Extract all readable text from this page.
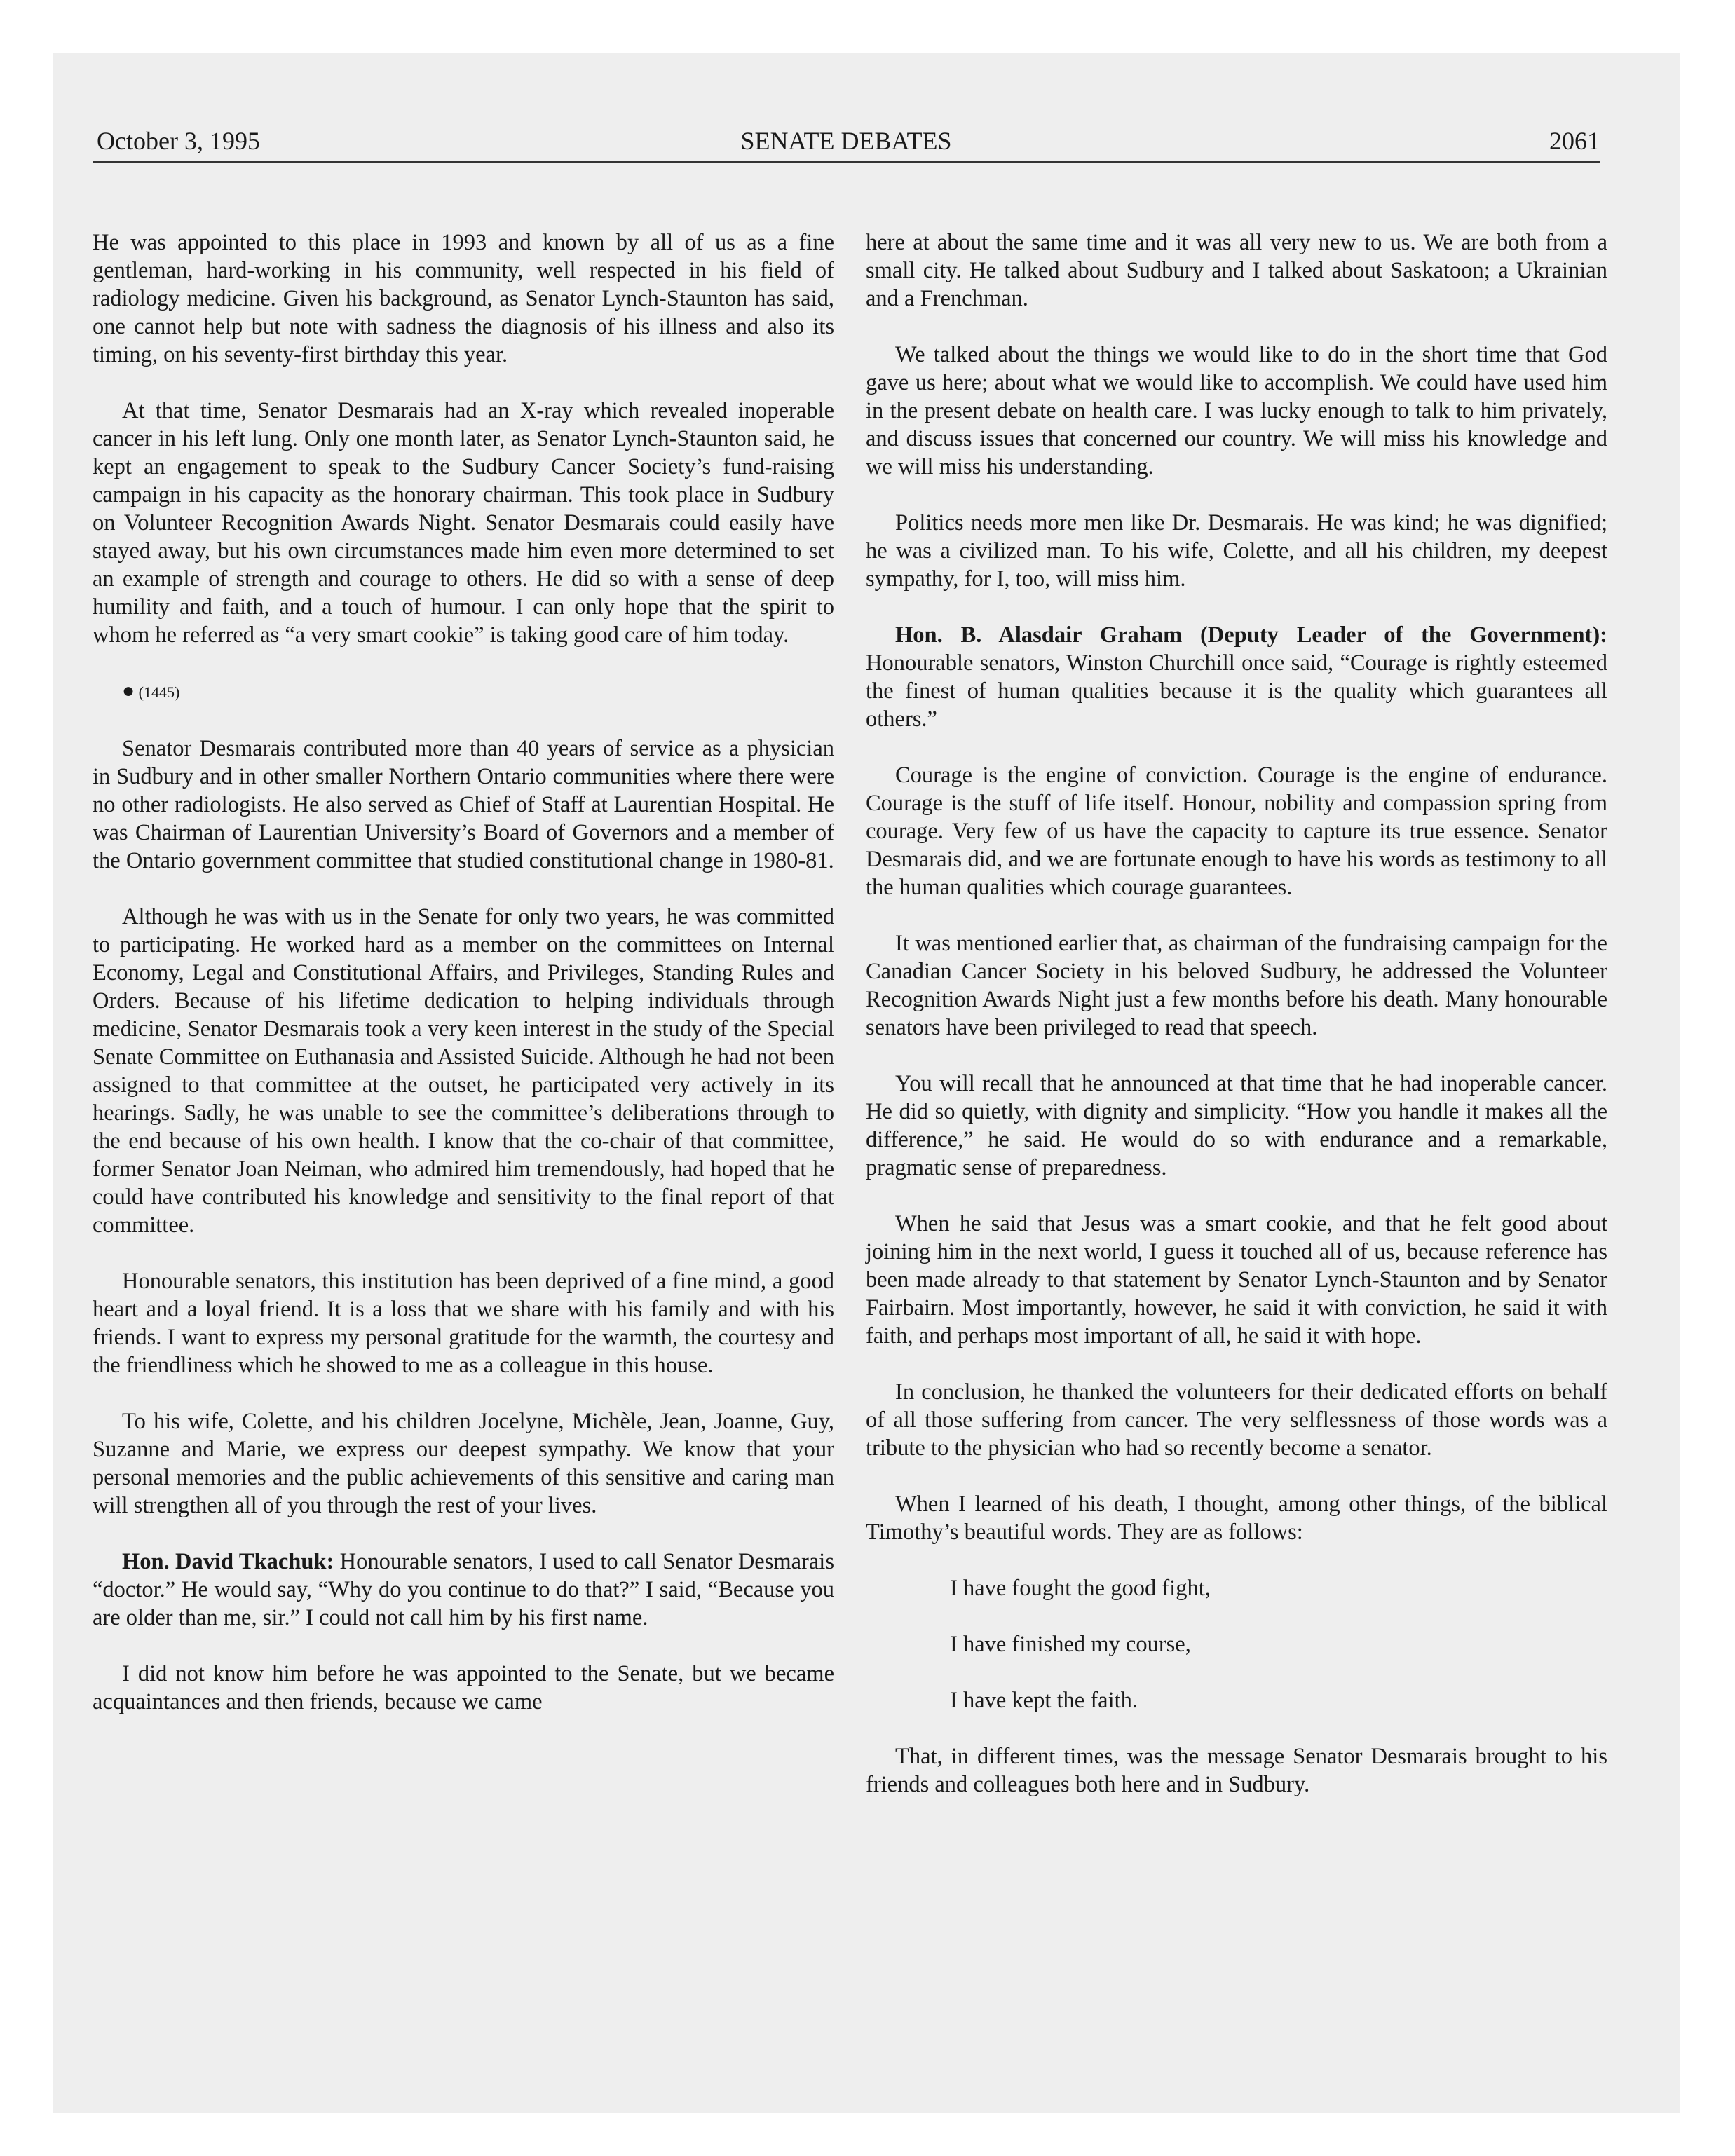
October 3, 1995	SENATE DEBATES	2061

He was appointed to this place in 1993 and known by all of us as a fine gentleman, hard-working in his community, well respected in his field of radiology medicine. Given his background, as Senator Lynch-Staunton has said, one cannot help but note with sadness the diagnosis of his illness and also its timing, on his seventy-first birthday this year.

At that time, Senator Desmarais had an X-ray which revealed inoperable cancer in his left lung. Only one month later, as Senator Lynch-Staunton said, he kept an engagement to speak to the Sudbury Cancer Society’s fund-raising campaign in his capacity as the honorary chairman. This took place in Sudbury on Volunteer Recognition Awards Night. Senator Desmarais could easily have stayed away, but his own circumstances made him even more determined to set an example of strength and courage to others. He did so with a sense of deep humility and faith, and a touch of humour. I can only hope that the spirit to whom he referred as “a very smart cookie” is taking good care of him today.

● (1445)

Senator Desmarais contributed more than 40 years of service as a physician in Sudbury and in other smaller Northern Ontario communities where there were no other radiologists. He also served as Chief of Staff at Laurentian Hospital. He was Chairman of Laurentian University’s Board of Governors and a member of the Ontario government committee that studied constitutional change in 1980-81.

Although he was with us in the Senate for only two years, he was committed to participating. He worked hard as a member on the committees on Internal Economy, Legal and Constitutional Affairs, and Privileges, Standing Rules and Orders. Because of his lifetime dedication to helping individuals through medicine, Senator Desmarais took a very keen interest in the study of the Special Senate Committee on Euthanasia and Assisted Suicide. Although he had not been assigned to that committee at the outset, he participated very actively in its hearings. Sadly, he was unable to see the committee’s deliberations through to the end because of his own health. I know that the co-chair of that committee, former Senator Joan Neiman, who admired him tremendously, had hoped that he could have contributed his knowledge and sensitivity to the final report of that committee.

Honourable senators, this institution has been deprived of a fine mind, a good heart and a loyal friend. It is a loss that we share with his family and with his friends. I want to express my personal gratitude for the warmth, the courtesy and the friendliness which he showed to me as a colleague in this house.

To his wife, Colette, and his children Jocelyne, Michèle, Jean, Joanne, Guy, Suzanne and Marie, we express our deepest sympathy. We know that your personal memories and the public achievements of this sensitive and caring man will strengthen all of you through the rest of your lives.

Hon. David Tkachuk: Honourable senators, I used to call Senator Desmarais “doctor.” He would say, “Why do you continue to do that?” I said, “Because you are older than me, sir.” I could not call him by his first name.

I did not know him before he was appointed to the Senate, but we became acquaintances and then friends, because we came

here at about the same time and it was all very new to us. We are both from a small city. He talked about Sudbury and I talked about Saskatoon; a Ukrainian and a Frenchman.

We talked about the things we would like to do in the short time that God gave us here; about what we would like to accomplish. We could have used him in the present debate on health care. I was lucky enough to talk to him privately, and discuss issues that concerned our country. We will miss his knowledge and we will miss his understanding.

Politics needs more men like Dr. Desmarais. He was kind; he was dignified; he was a civilized man. To his wife, Colette, and all his children, my deepest sympathy, for I, too, will miss him.

Hon. B. Alasdair Graham (Deputy Leader of the Government): Honourable senators, Winston Churchill once said, “Courage is rightly esteemed the finest of human qualities because it is the quality which guarantees all others.”

Courage is the engine of conviction. Courage is the engine of endurance. Courage is the stuff of life itself. Honour, nobility and compassion spring from courage. Very few of us have the capacity to capture its true essence. Senator Desmarais did, and we are fortunate enough to have his words as testimony to all the human qualities which courage guarantees.

It was mentioned earlier that, as chairman of the fundraising campaign for the Canadian Cancer Society in his beloved Sudbury, he addressed the Volunteer Recognition Awards Night just a few months before his death. Many honourable senators have been privileged to read that speech.

You will recall that he announced at that time that he had inoperable cancer. He did so quietly, with dignity and simplicity. “How you handle it makes all the difference,” he said. He would do so with endurance and a remarkable, pragmatic sense of preparedness.

When he said that Jesus was a smart cookie, and that he felt good about joining him in the next world, I guess it touched all of us, because reference has been made already to that statement by Senator Lynch-Staunton and by Senator Fairbairn. Most importantly, however, he said it with conviction, he said it with faith, and perhaps most important of all, he said it with hope.

In conclusion, he thanked the volunteers for their dedicated efforts on behalf of all those suffering from cancer. The very selflessness of those words was a tribute to the physician who had so recently become a senator.

When I learned of his death, I thought, among other things, of the biblical Timothy’s beautiful words. They are as follows:

I have fought the good fight,

I have finished my course,

I have kept the faith.

That, in different times, was the message Senator Desmarais brought to his friends and colleagues both here and in Sudbury.
